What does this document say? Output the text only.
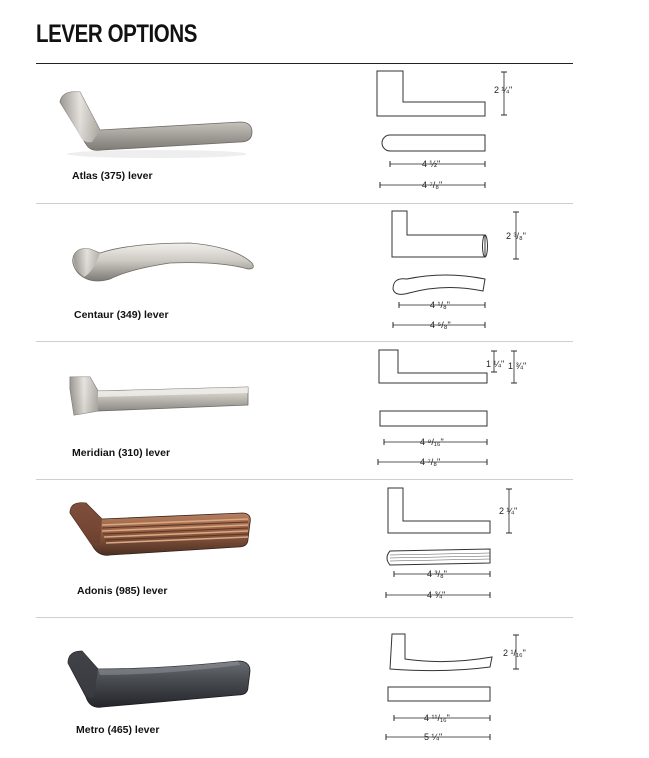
LEVER OPTIONS
Atlas (375) lever
2 ¼"
4 ½"
4 ⁷/₈"
Centaur (349) lever
2 ³/₈"
4 ¹/₈"
4 ⁵/₈"
Meridian (310) lever
1 ¼" 1 ¾"
4 ⁹/₁₆"
4 ⁷/₈"
Adonis (985) lever
2 ¼"
4 ³/₈"
4 ¾"
Metro (465) lever
2 ¹/₁₆"
4 ¹¹/₁₆"
5 ¼"
